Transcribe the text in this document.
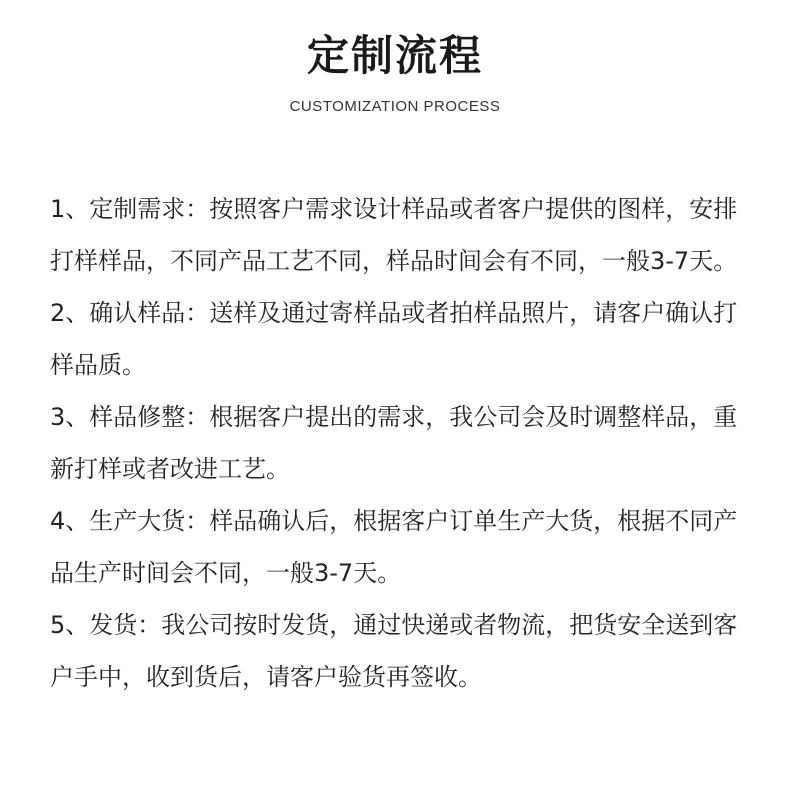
定制流程
CUSTOMIZATION PROCESS

1、定制需求：按照客户需求设计样品或者客户提供的图样，安排打样样品，不同产品工艺不同，样品时间会有不同，一般3-7天。

2、确认样品：送样及通过寄样品或者拍样品照片，请客户确认打样品质。

3、样品修整：根据客户提出的需求，我公司会及时调整样品，重新打样或者改进工艺。

4、生产大货：样品确认后，根据客户订单生产大货，根据不同产品生产时间会不同，一般3-7天。

5、发货：我公司按时发货，通过快递或者物流，把货安全送到客户手中，收到货后，请客户验货再签收。
